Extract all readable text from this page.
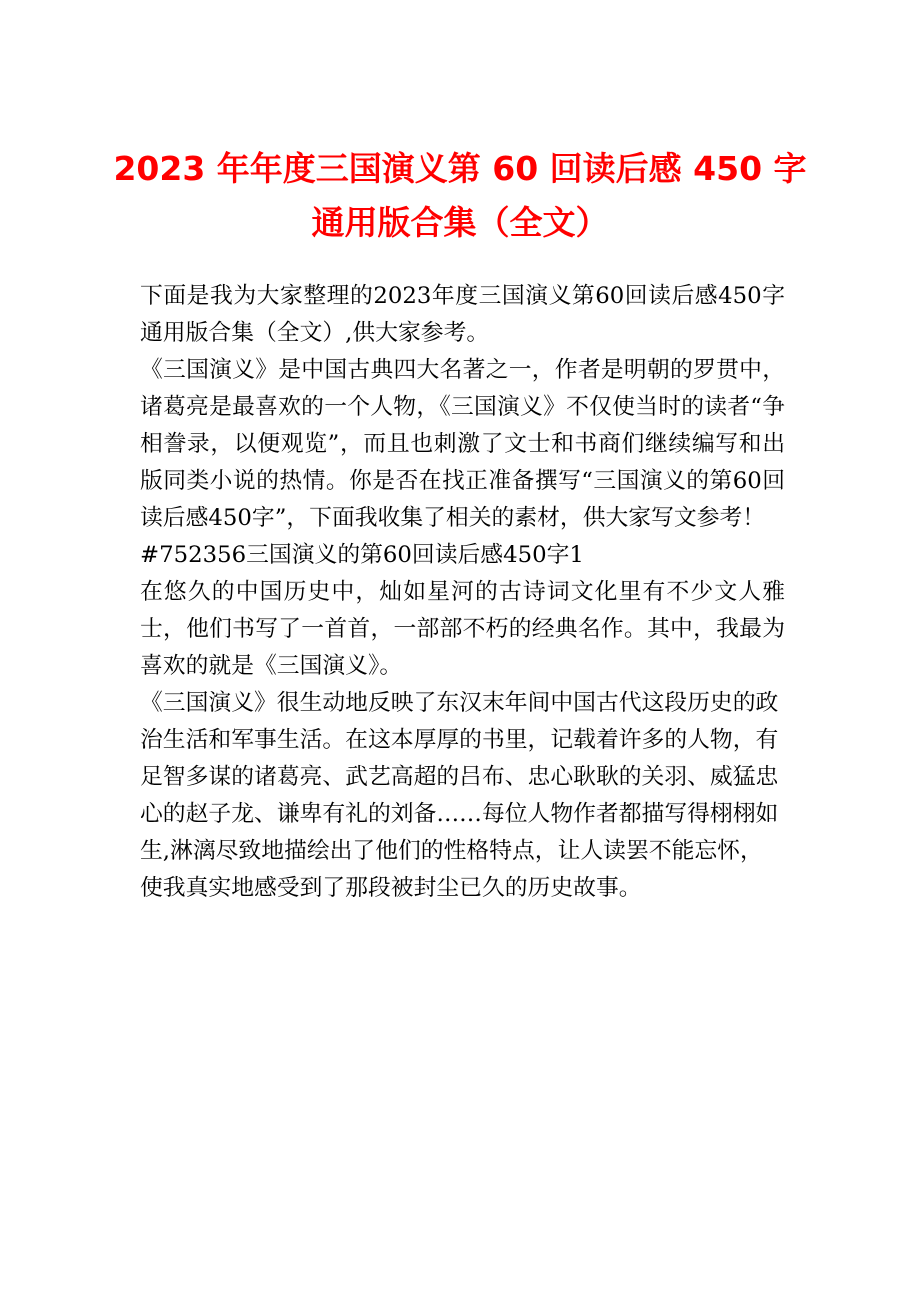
2023 年年度三国演义第 60 回读后感 450 字
通用版合集（全文）

下面是我为大家整理的2023年度三国演义第60回读后感450字通用版合集（全文）,供大家参考。

《三国演义》是中国古典四大名著之一，作者是明朝的罗贯中，诸葛亮是最喜欢的一个人物，《三国演义》不仅使当时的读者“争相誊录，以便观览”，而且也刺激了文士和书商们继续编写和出版同类小说的热情。你是否在找正准备撰写“三国演义的第60回读后感450字”，下面我收集了相关的素材，供大家写文参考！

#752356三国演义的第60回读后感450字1

在悠久的中国历史中，灿如星河的古诗词文化里有不少文人雅士，他们书写了一首首，一部部不朽的经典名作。其中，我最为喜欢的就是《三国演义》。

《三国演义》很生动地反映了东汉末年间中国古代这段历史的政治生活和军事生活。在这本厚厚的书里，记载着许多的人物，有足智多谋的诸葛亮、武艺高超的吕布、忠心耿耿的关羽、威猛忠心的赵子龙、谦卑有礼的刘备……每位人物作者都描写得栩栩如生,淋漓尽致地描绘出了他们的性格特点，让人读罢不能忘怀，使我真实地感受到了那段被封尘已久的历史故事。
